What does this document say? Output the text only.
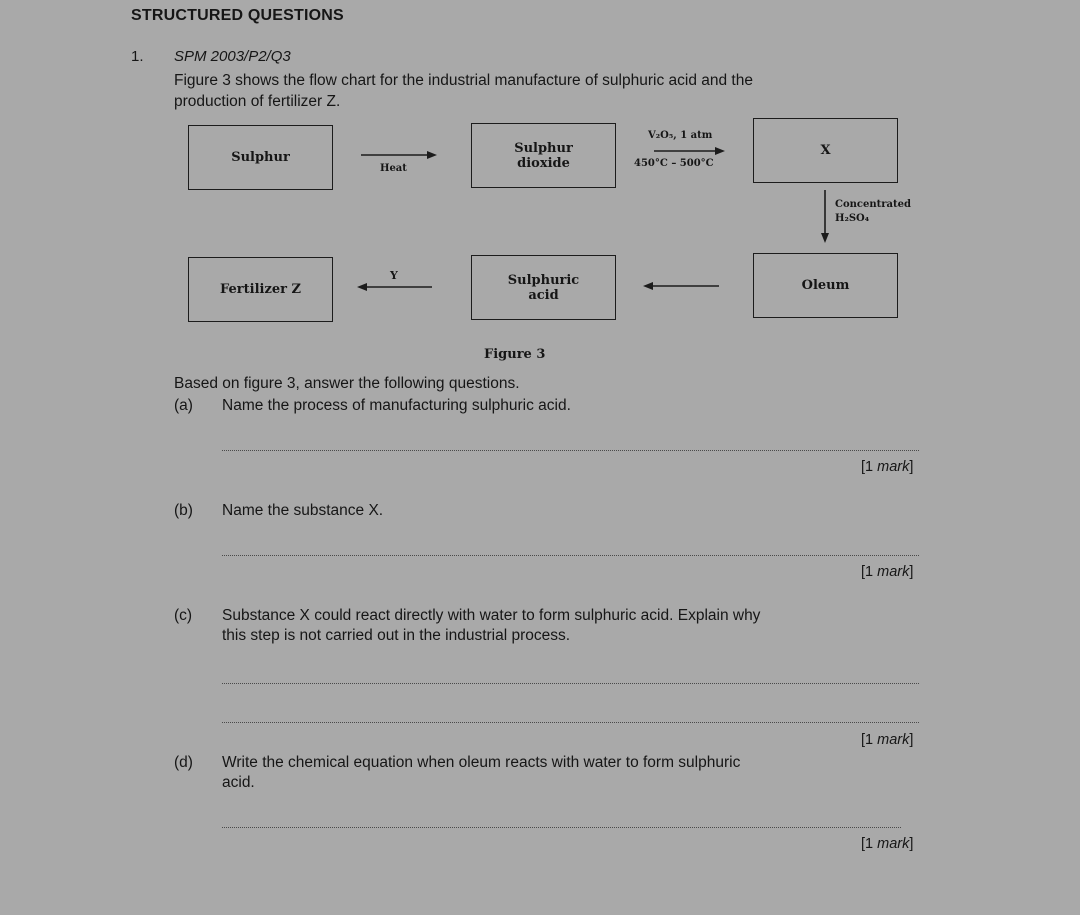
STRUCTURED QUESTIONS
1. SPM 2003/P2/Q3
Figure 3 shows the flow chart for the industrial manufacture of sulphuric acid and the
production of fertilizer Z.
Sulphur
Sulphur
dioxide
X
Oleum
Sulphuric
acid
Fertilizer Z
Heat
V₂O₅, 1 atm
450°C – 500°C
Concentrated
H₂SO₄
Y
Figure 3
Based on figure 3, answer the following questions.
(a) Name the process of manufacturing sulphuric acid.
[1 mark]
(b) Name the substance X.
[1 mark]
(c) Substance X could react directly with water to form sulphuric acid. Explain why
this step is not carried out in the industrial process.
[1 mark]
(d) Write the chemical equation when oleum reacts with water to form sulphuric
acid.
[1 mark]
